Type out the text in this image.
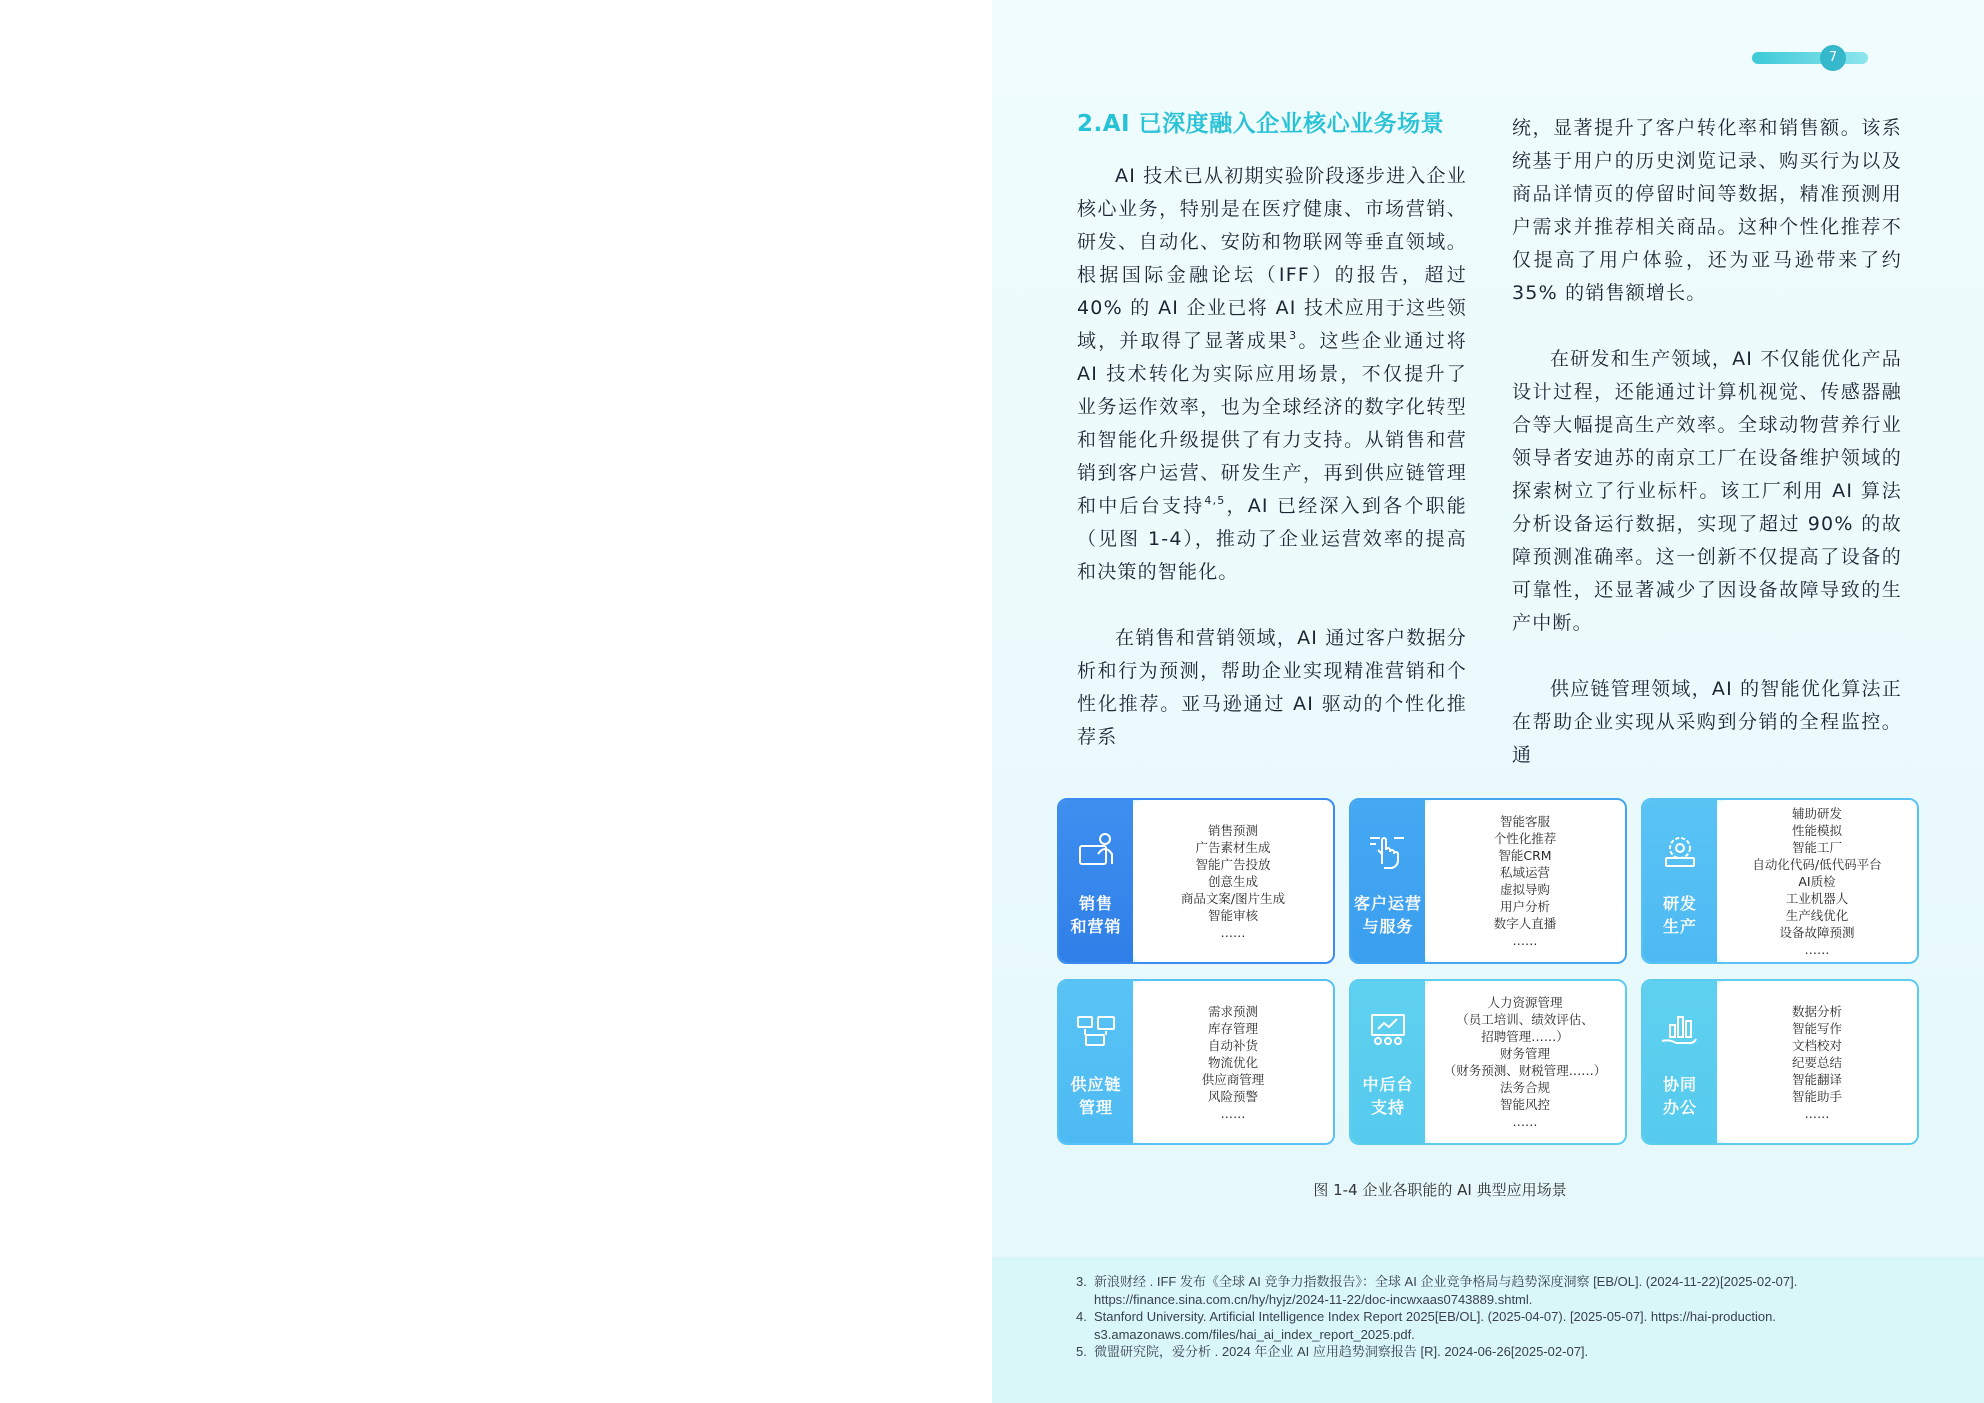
7
2.AI 已深度融入企业核心业务场景

AI 技术已从初期实验阶段逐步进入企业核心业务，特别是在医疗健康、市场营销、研发、自动化、安防和物联网等垂直领域。根据国际金融论坛（IFF）的报告，超过 40% 的 AI 企业已将 AI 技术应用于这些领域，并取得了显著成果$^3$。这些企业通过将 AI 技术转化为实际应用场景，不仅提升了业务运作效率，也为全球经济的数字化转型和智能化升级提供了有力支持。从销售和营销到客户运营、研发生产，再到供应链管理和中后台支持$^{4,5}$，AI 已经深入到各个职能（见图 1-4），推动了企业运营效率的提高和决策的智能化。

在销售和营销领域，AI 通过客户数据分析和行为预测，帮助企业实现精准营销和个性化推荐。亚马逊通过 AI 驱动的个性化推荐系

统，显著提升了客户转化率和销售额。该系统基于用户的历史浏览记录、购买行为以及商品详情页的停留时间等数据，精准预测用户需求并推荐相关商品。这种个性化推荐不仅提高了用户体验，还为亚马逊带来了约 35% 的销售额增长。

在研发和生产领域，AI 不仅能优化产品设计过程，还能通过计算机视觉、传感器融合等大幅提高生产效率。全球动物营养行业领导者安迪苏的南京工厂在设备维护领域的探索树立了行业标杆。该工厂利用 AI 算法分析设备运行数据，实现了超过 90% 的故障预测准确率。这一创新不仅提高了设备的可靠性，还显著减少了因设备故障导致的生产中断。

供应链管理领域，AI 的智能优化算法正在帮助企业实现从采购到分销的全程监控。通

销售
和营销
销售预测
广告素材生成
智能广告投放
创意生成
商品文案/图片生成
智能审核
……
客户运营
与服务
智能客服
个性化推荐
智能CRM
私域运营
虚拟导购
用户分析
数字人直播
……
研发
生产
辅助研发
性能模拟
智能工厂
自动化代码/低代码平台
AI质检
工业机器人
生产线优化
设备故障预测
……
供应链
管理
需求预测
库存管理
自动补货
物流优化
供应商管理
风险预警
……
中后台
支持
人力资源管理
（员工培训、绩效评估、
招聘管理……）
财务管理
（财务预测、财税管理……）
法务合规
智能风控
……
协同
办公
数据分析
智能写作
文档校对
纪要总结
智能翻译
智能助手
……
图 1-4 企业各职能的 AI 典型应用场景
3. 新浪财经 . IFF 发布《全球 AI 竞争力指数报告》：全球 AI 企业竞争格局与趋势深度洞察 [EB/OL]. (2024-11-22)[2025-02-07].
https://finance.sina.com.cn/hy/hyjz/2024-11-22/doc-incwxaas0743889.shtml.
4. Stanford University. Artificial Intelligence Index Report 2025[EB/OL]. (2025-04-07). [2025-05-07]. https://hai-production.
s3.amazonaws.com/files/hai_ai_index_report_2025.pdf.
5. 微盟研究院，爱分析 . 2024 年企业 AI 应用趋势洞察报告 [R]. 2024-06-26[2025-02-07].
